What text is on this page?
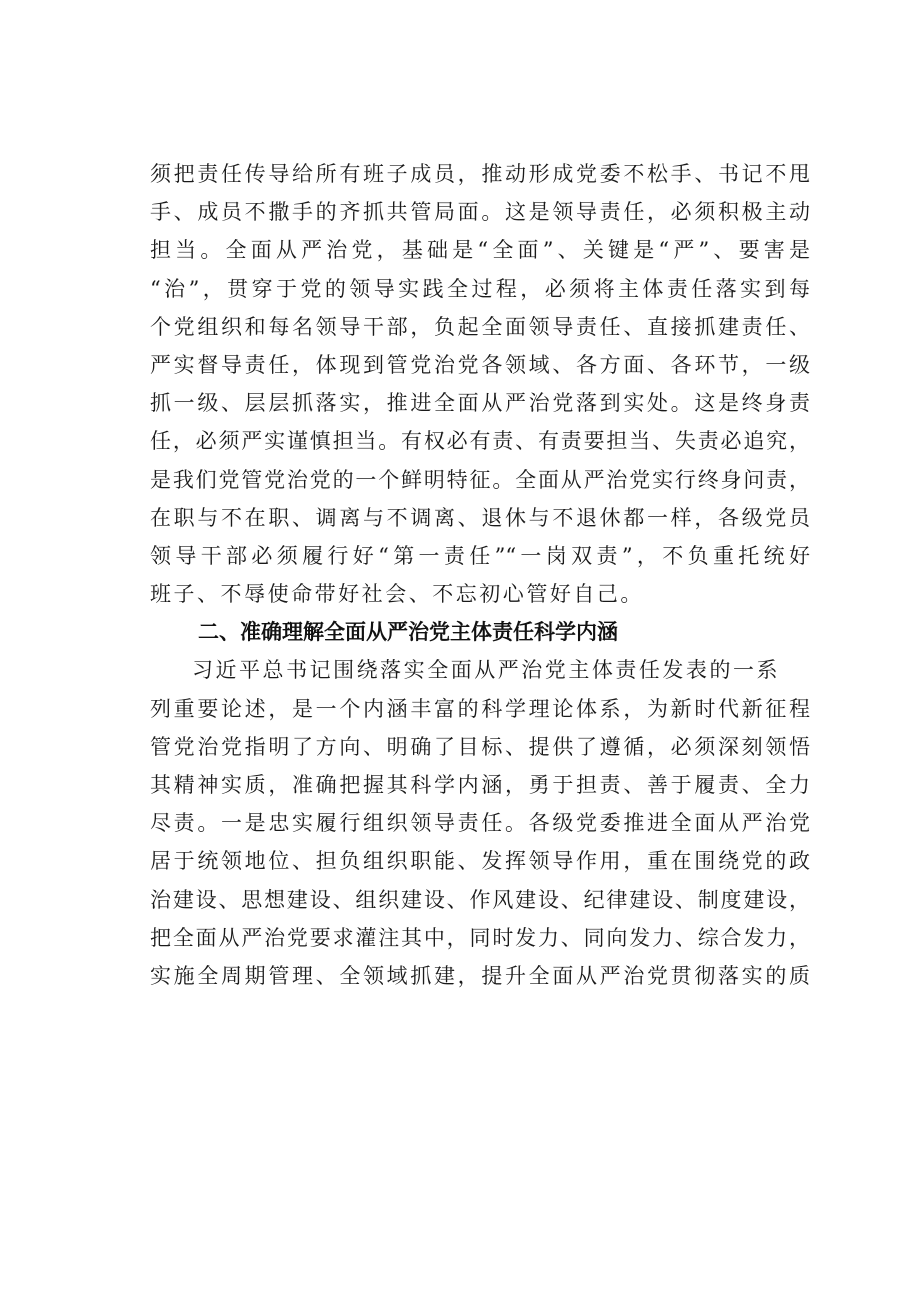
须把责任传导给所有班子成员，推动形成党委不松手、书记不甩
手、成员不撒手的齐抓共管局面。这是领导责任，必须积极主动
担当。全面从严治党，基础是“全面”、关键是“严”、要害是
“治”，贯穿于党的领导实践全过程，必须将主体责任落实到每
个党组织和每名领导干部，负起全面领导责任、直接抓建责任、
严实督导责任，体现到管党治党各领域、各方面、各环节，一级
抓一级、层层抓落实，推进全面从严治党落到实处。这是终身责
任，必须严实谨慎担当。有权必有责、有责要担当、失责必追究，
是我们党管党治党的一个鲜明特征。全面从严治党实行终身问责，
在职与不在职、调离与不调离、退休与不退休都一样，各级党员
领导干部必须履行好“第一责任”“一岗双责”，不负重托统好
班子、不辱使命带好社会、不忘初心管好自己。
二、准确理解全面从严治党主体责任科学内涵
习近平总书记围绕落实全面从严治党主体责任发表的一系
列重要论述，是一个内涵丰富的科学理论体系，为新时代新征程
管党治党指明了方向、明确了目标、提供了遵循，必须深刻领悟
其精神实质，准确把握其科学内涵，勇于担责、善于履责、全力
尽责。一是忠实履行组织领导责任。各级党委推进全面从严治党
居于统领地位、担负组织职能、发挥领导作用，重在围绕党的政
治建设、思想建设、组织建设、作风建设、纪律建设、制度建设，
把全面从严治党要求灌注其中，同时发力、同向发力、综合发力，
实施全周期管理、全领域抓建，提升全面从严治党贯彻落实的质
